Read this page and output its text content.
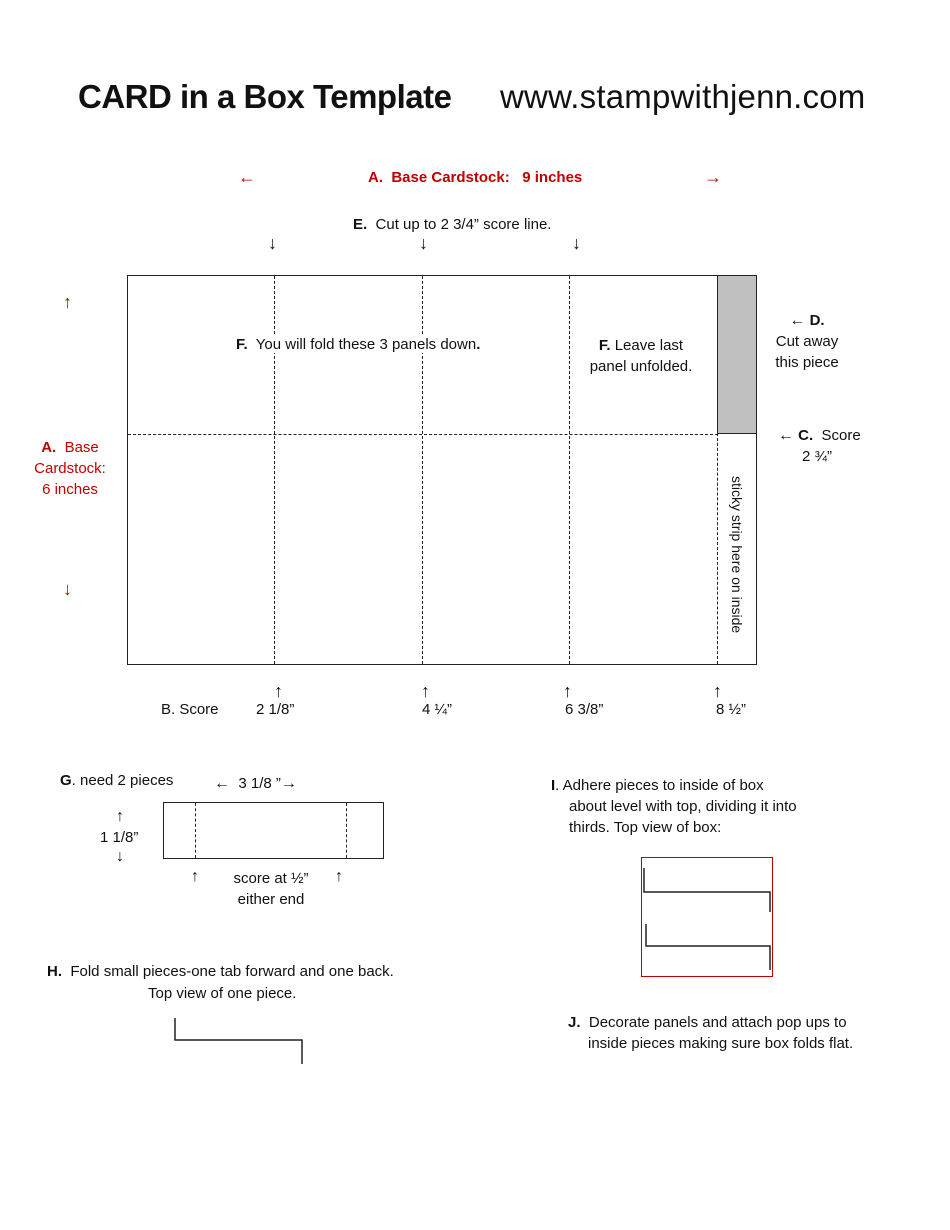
CARD in a Box Template www.stampwithjenn.com
←	A. Base Cardstock: 9 inches	→
E. Cut up to 2 3/4” score line.
↓	↓	↓
↑
A. Base
Cardstock:
6 inches
↓
F. You will fold these 3 panels down.	F. Leave last
panel unfolded.
sticky strip here on inside
← D.
Cut away
this piece
← C. Score
2 ¾”
↑	↑	↑	↑
B. Score 2 1/8”	4 ¼”	6 3/8”	8 ½”
G. need 2 pieces	← 3 1/8 ”→
↑
1 1/8”
↓
↑	↑
score at ½”
either end
H. Fold small pieces-one tab forward and one back.
Top view of one piece.
I. Adhere pieces to inside of box
about level with top, dividing it into
thirds. Top view of box:
J. Decorate panels and attach pop ups to
inside pieces making sure box folds flat.
